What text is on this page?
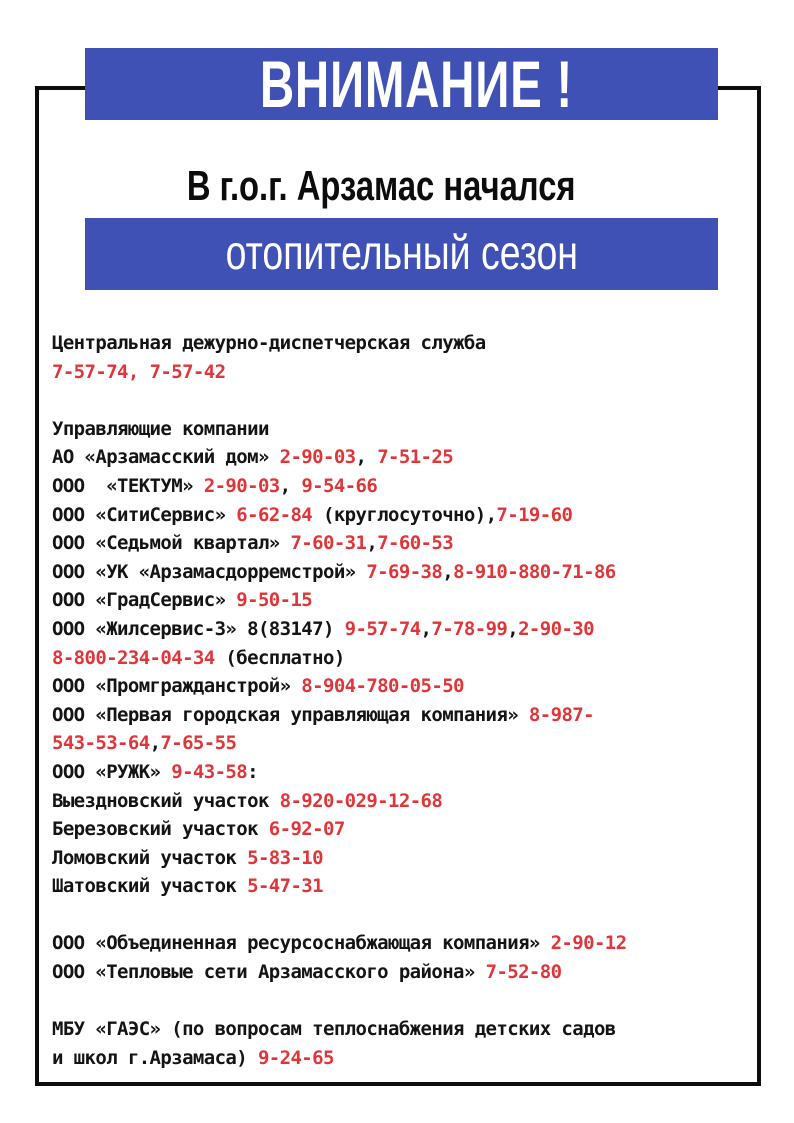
ВНИМАНИЕ !
В г.о.г. Арзамас начался
отопительный сезон
Центральная дежурно-диспетчерская служба
7-57-74, 7-57-42
Управляющие компании
АО «Арзамасский дом» 2-90-03, 7-51-25
ООО  «ТЕКТУМ» 2-90-03, 9-54-66
ООО «СитиСервис» 6-62-84 (круглосуточно),7-19-60
ООО «Седьмой квартал» 7-60-31,7-60-53
ООО «УК «Арзамасдорремстрой» 7-69-38,8-910-880-71-86
ООО «ГрадСервис» 9-50-15
ООО «Жилсервис-3» 8(83147) 9-57-74,7-78-99,2-90-30
8-800-234-04-34 (бесплатно)
ООО «Промгражданстрой» 8-904-780-05-50
ООО «Первая городская управляющая компания» 8-987-
543-53-64,7-65-55
ООО «РУЖК» 9-43-58:
Выездновский участок 8-920-029-12-68
Березовский участок 6-92-07
Ломовский участок 5-83-10
Шатовский участок 5-47-31
ООО «Объединенная ресурсоснабжающая компания» 2-90-12
ООО «Тепловые сети Арзамасского района» 7-52-80
МБУ «ГАЭС» (по вопросам теплоснабжения детских садов
и школ г.Арзамаса) 9-24-65
